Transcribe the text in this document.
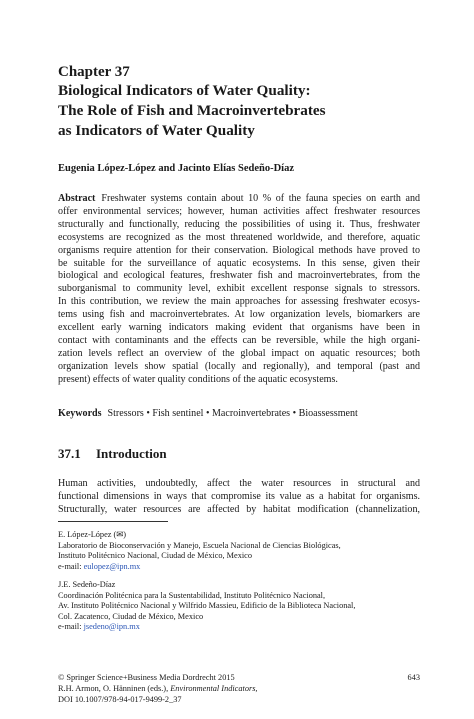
Chapter 37
Biological Indicators of Water Quality:
The Role of Fish and Macroinvertebrates
as Indicators of Water Quality
Eugenia López-López and Jacinto Elías Sedeño-Díaz
Abstract Freshwater systems contain about 10 % of the fauna species on earth and
offer environmental services; however, human activities affect freshwater resources
structurally and functionally, reducing the possibilities of using it. Thus, freshwater
ecosystems are recognized as the most threatened worldwide, and therefore, aquatic
organisms require attention for their conservation. Biological methods have proved to
be suitable for the surveillance of aquatic ecosystems. In this sense, given their
biological and ecological features, freshwater fish and macroinvertebrates, from the
suborganismal to community level, exhibit excellent response signals to stressors.
In this contribution, we review the main approaches for assessing freshwater ecosys-
tems using fish and macroinvertebrates. At low organization levels, biomarkers are
excellent early warning indicators making evident that organisms have been in
contact with contaminants and the effects can be reversible, while the high organi-
zation levels reflect an overview of the global impact on aquatic resources; both
organization levels show spatial (locally and regionally), and temporal (past and
present) effects of water quality conditions of the aquatic ecosystems.
Keywords Stressors • Fish sentinel • Macroinvertebrates • Bioassessment
37.1 Introduction
Human activities, undoubtedly, affect the water resources in structural and
functional dimensions in ways that compromise its value as a habitat for organisms.
Structurally, water resources are affected by habitat modification (channelization,

E. López-López (✉)

Laboratorio de Bioconservación y Manejo, Escuela Nacional de Ciencias Biológicas,

Instituto Politécnico Nacional, Ciudad de México, Mexico

e-mail: eulopez@ipn.mx

J.E. Sedeño-Díaz

Coordinación Politécnica para la Sustentabilidad, Instituto Politécnico Nacional,

Av. Instituto Politécnico Nacional y Wilfrido Massieu, Edificio de la Biblioteca Nacional,

Col. Zacatenco, Ciudad de México, Mexico

e-mail: jsedeno@ipn.mx

643

© Springer Science+Business Media Dordrecht 2015

R.H. Armon, O. Hänninen (eds.), Environmental Indicators,

DOI 10.1007/978-94-017-9499-2_37
